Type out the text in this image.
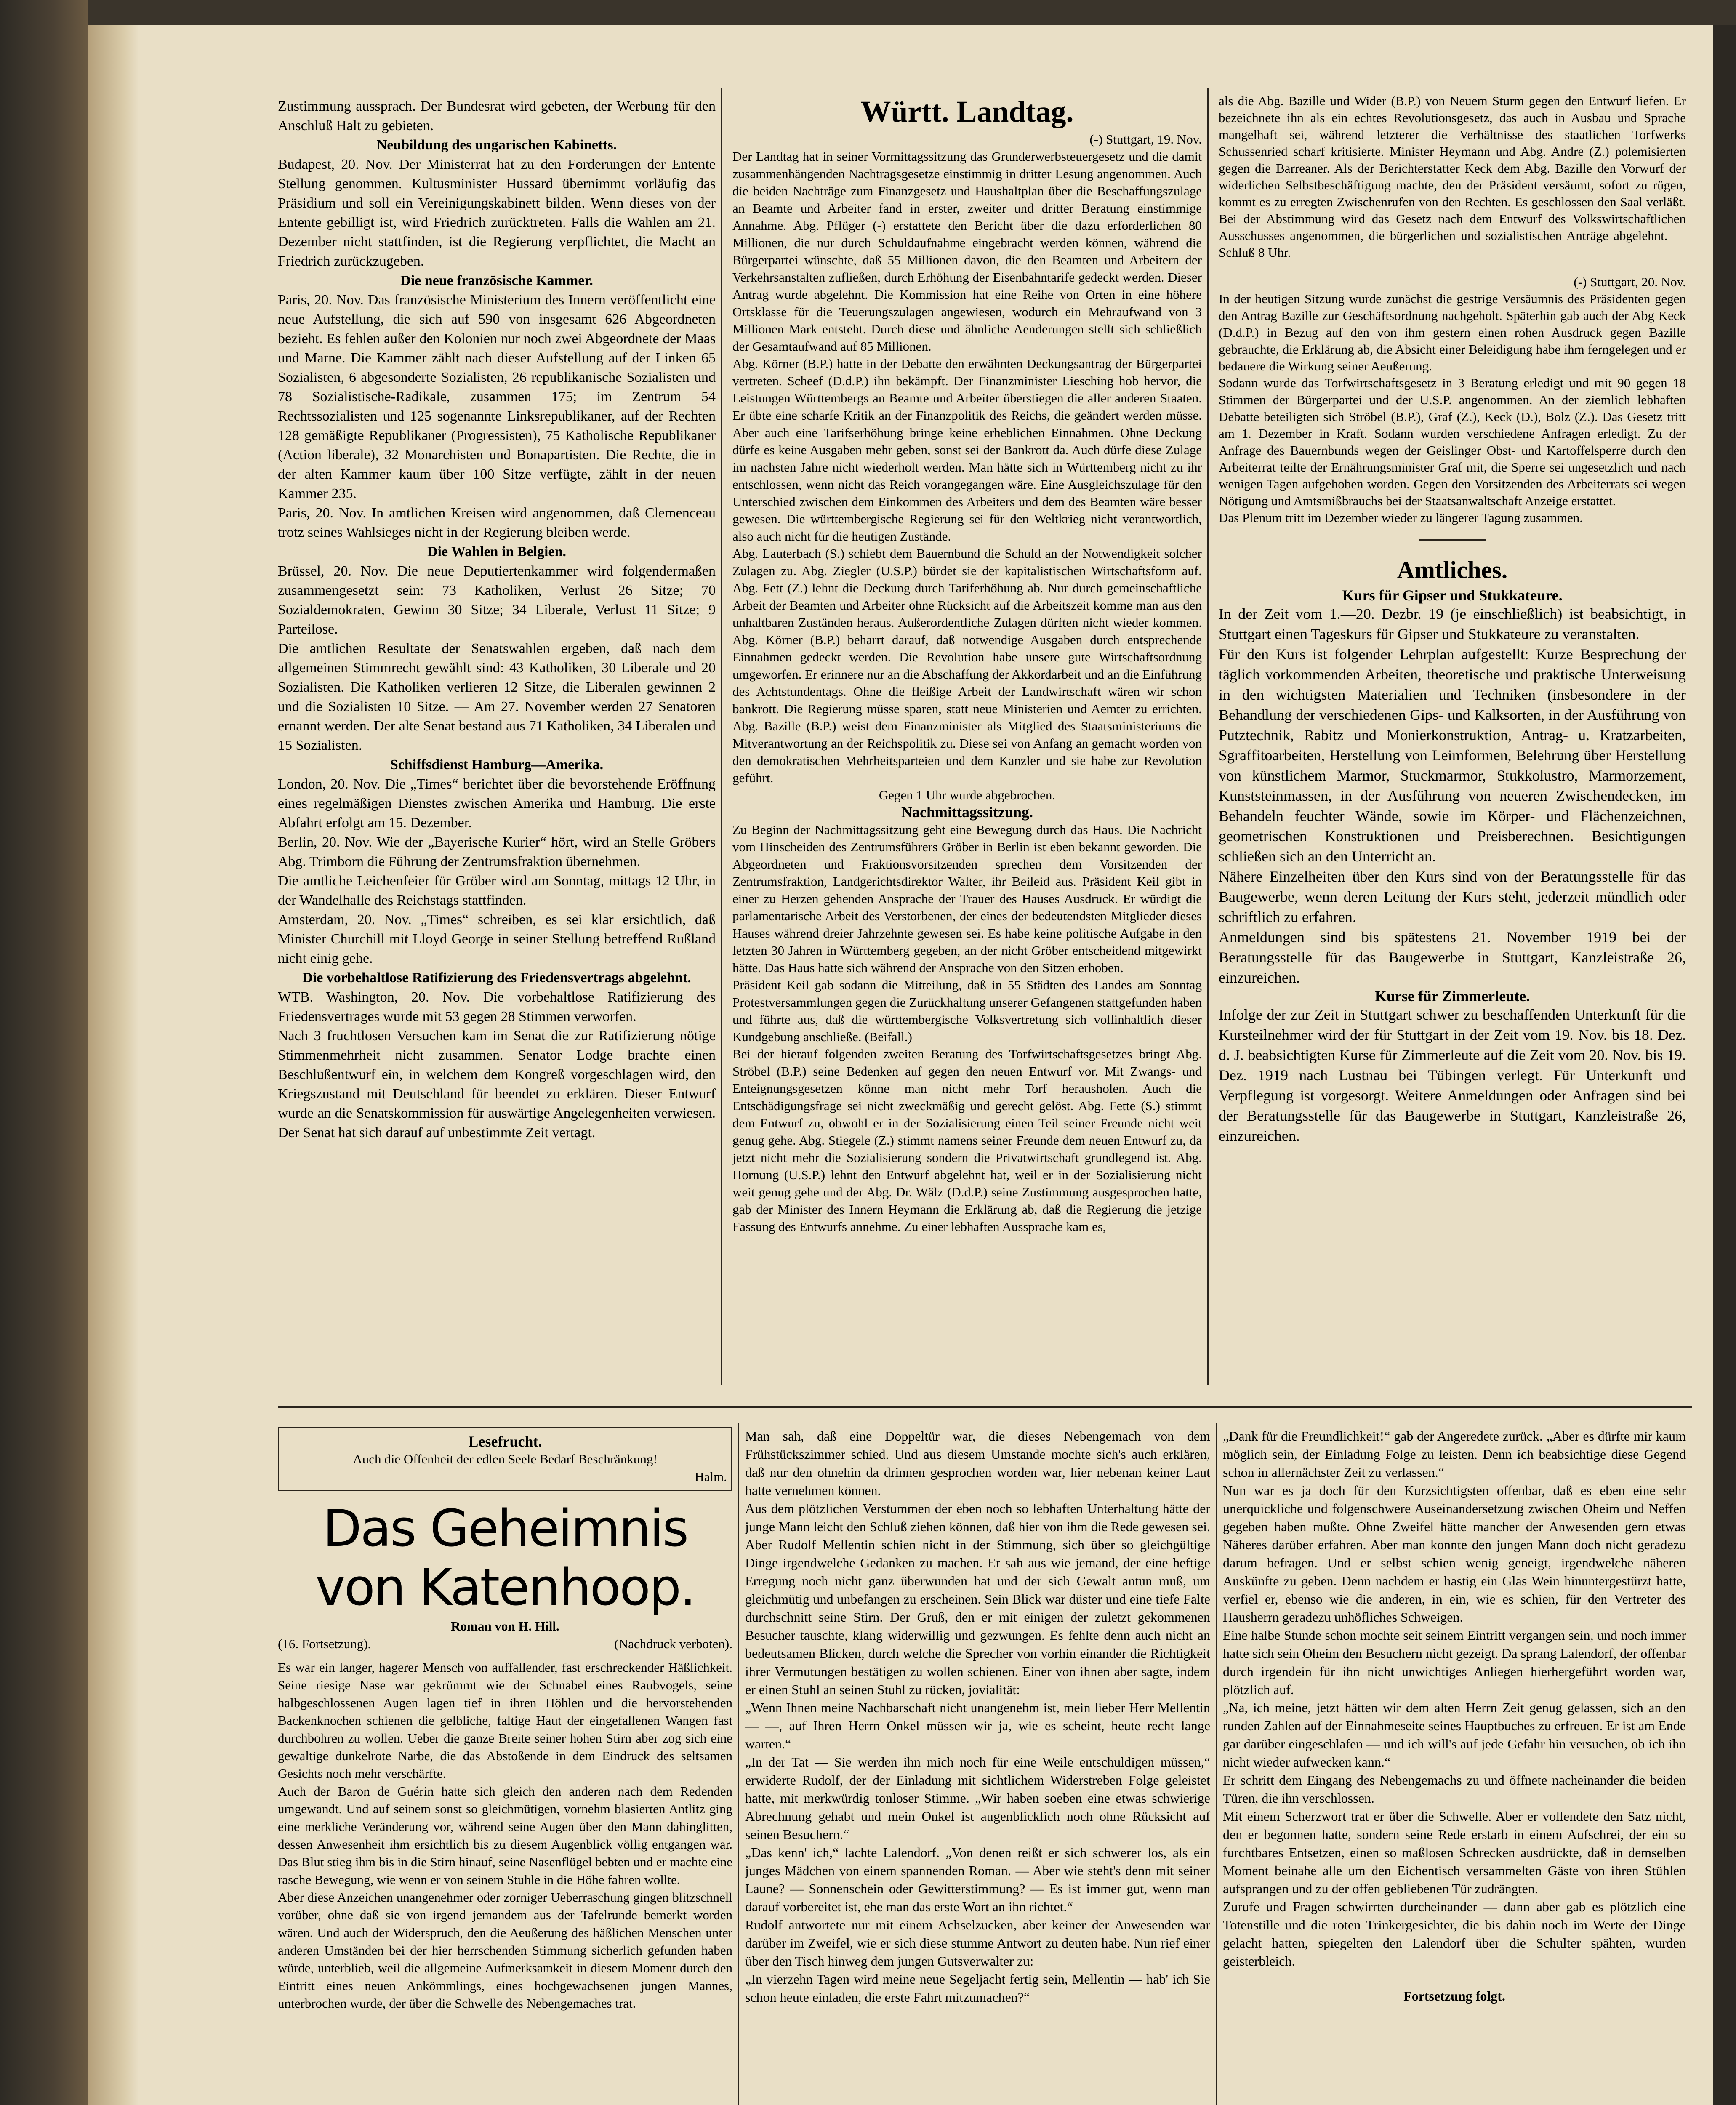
Zustimmung aussprach. Der Bundesrat wird gebeten, der Werbung für den Anschluß Halt zu gebieten.

Neubildung des ungarischen Kabinetts.

Budapest, 20. Nov. Der Ministerrat hat zu den Forderungen der Entente Stellung genommen. Kultusminister Hussard übernimmt vorläufig das Präsidium und soll ein Vereinigungskabinett bilden. Wenn dieses von der Entente gebilligt ist, wird Friedrich zurücktreten. Falls die Wahlen am 21. Dezember nicht stattfinden, ist die Regierung verpflichtet, die Macht an Friedrich zurückzugeben.

Die neue französische Kammer.

Paris, 20. Nov. Das französische Ministerium des Innern veröffentlicht eine neue Aufstellung, die sich auf 590 von insgesamt 626 Abgeordneten bezieht. Es fehlen außer den Kolonien nur noch zwei Abgeordnete der Maas und Marne. Die Kammer zählt nach dieser Aufstellung auf der Linken 65 Sozialisten, 6 abgesonderte Sozialisten, 26 republikanische Sozialisten und 78 Sozialistische-Radikale, zusammen 175; im Zentrum 54 Rechtssozialisten und 125 sogenannte Linksrepublikaner, auf der Rechten 128 gemäßigte Republikaner (Progressisten), 75 Katholische Republikaner (Action liberale), 32 Monarchisten und Bonapartisten. Die Rechte, die in der alten Kammer kaum über 100 Sitze verfügte, zählt in der neuen Kammer 235.

Paris, 20. Nov. In amtlichen Kreisen wird angenommen, daß Clemenceau trotz seines Wahlsieges nicht in der Regierung bleiben werde.

Die Wahlen in Belgien.

Brüssel, 20. Nov. Die neue Deputiertenkammer wird folgendermaßen zusammengesetzt sein: 73 Katholiken, Verlust 26 Sitze; 70 Sozialdemokraten, Gewinn 30 Sitze; 34 Liberale, Verlust 11 Sitze; 9 Parteilose.

Die amtlichen Resultate der Senatswahlen ergeben, daß nach dem allgemeinen Stimmrecht gewählt sind: 43 Katholiken, 30 Liberale und 20 Sozialisten. Die Katholiken verlieren 12 Sitze, die Liberalen gewinnen 2 und die Sozialisten 10 Sitze. — Am 27. November werden 27 Senatoren ernannt werden. Der alte Senat bestand aus 71 Katholiken, 34 Liberalen und 15 Sozialisten.

Schiffsdienst Hamburg—Amerika.

London, 20. Nov. Die „Times“ berichtet über die bevorstehende Eröffnung eines regelmäßigen Dienstes zwischen Amerika und Hamburg. Die erste Abfahrt erfolgt am 15. Dezember.

Berlin, 20. Nov. Wie der „Bayerische Kurier“ hört, wird an Stelle Gröbers Abg. Trimborn die Führung der Zentrumsfraktion übernehmen.

Die amtliche Leichenfeier für Gröber wird am Sonntag, mittags 12 Uhr, in der Wandelhalle des Reichstags stattfinden.

Amsterdam, 20. Nov. „Times“ schreiben, es sei klar ersichtlich, daß Minister Churchill mit Lloyd George in seiner Stellung betreffend Rußland nicht einig gehe.

Die vorbehaltlose Ratifizierung des Friedensvertrags abgelehnt.

WTB. Washington, 20. Nov. Die vorbehaltlose Ratifizierung des Friedensvertrages wurde mit 53 gegen 28 Stimmen verworfen.

Nach 3 fruchtlosen Versuchen kam im Senat die zur Ratifizierung nötige Stimmenmehrheit nicht zusammen. Senator Lodge brachte einen Beschlußentwurf ein, in welchem dem Kongreß vorgeschlagen wird, den Kriegszustand mit Deutschland für beendet zu erklären. Dieser Entwurf wurde an die Senatskommission für auswärtige Angelegenheiten verwiesen. Der Senat hat sich darauf auf unbestimmte Zeit vertagt.

Württ. Landtag.

(-) Stuttgart, 19. Nov.

Der Landtag hat in seiner Vormittagssitzung das Grunderwerbsteuergesetz und die damit zusammenhängenden Nachtragsgesetze einstimmig in dritter Lesung angenommen. Auch die beiden Nachträge zum Finanzgesetz und Haushaltplan über die Beschaffungszulage an Beamte und Arbeiter fand in erster, zweiter und dritter Beratung einstimmige Annahme. Abg. Pflüger (-) erstattete den Bericht über die dazu erforderlichen 80 Millionen, die nur durch Schuldaufnahme eingebracht werden können, während die Bürgerpartei wünschte, daß 55 Millionen davon, die den Beamten und Arbeitern der Verkehrsanstalten zufließen, durch Erhöhung der Eisenbahntarife gedeckt werden. Dieser Antrag wurde abgelehnt. Die Kommission hat eine Reihe von Orten in eine höhere Ortsklasse für die Teuerungszulagen angewiesen, wodurch ein Mehraufwand von 3 Millionen Mark entsteht. Durch diese und ähnliche Aenderungen stellt sich schließlich der Gesamtaufwand auf 85 Millionen.

Abg. Körner (B.P.) hatte in der Debatte den erwähnten Deckungsantrag der Bürgerpartei vertreten. Scheef (D.d.P.) ihn bekämpft. Der Finanzminister Liesching hob hervor, die Leistungen Württembergs an Beamte und Arbeiter überstiegen die aller anderen Staaten. Er übte eine scharfe Kritik an der Finanzpolitik des Reichs, die geändert werden müsse. Aber auch eine Tarifserhöhung bringe keine erheblichen Einnahmen. Ohne Deckung dürfe es keine Ausgaben mehr geben, sonst sei der Bankrott da. Auch dürfe diese Zulage im nächsten Jahre nicht wiederholt werden. Man hätte sich in Württemberg nicht zu ihr entschlossen, wenn nicht das Reich vorangegangen wäre. Eine Ausgleichszulage für den Unterschied zwischen dem Einkommen des Arbeiters und dem des Beamten wäre besser gewesen. Die württembergische Regierung sei für den Weltkrieg nicht verantwortlich, also auch nicht für die heutigen Zustände.

Abg. Lauterbach (S.) schiebt dem Bauernbund die Schuld an der Notwendigkeit solcher Zulagen zu. Abg. Ziegler (U.S.P.) bürdet sie der kapitalistischen Wirtschaftsform auf. Abg. Fett (Z.) lehnt die Deckung durch Tariferhöhung ab. Nur durch gemeinschaftliche Arbeit der Beamten und Arbeiter ohne Rücksicht auf die Arbeitszeit komme man aus den unhaltbaren Zuständen heraus. Außerordentliche Zulagen dürften nicht wieder kommen. Abg. Körner (B.P.) beharrt darauf, daß notwendige Ausgaben durch entsprechende Einnahmen gedeckt werden. Die Revolution habe unsere gute Wirtschaftsordnung umgeworfen. Er erinnere nur an die Abschaffung der Akkordarbeit und an die Einführung des Achtstundentags. Ohne die fleißige Arbeit der Landwirtschaft wären wir schon bankrott. Die Regierung müsse sparen, statt neue Ministerien und Aemter zu errichten. Abg. Bazille (B.P.) weist dem Finanzminister als Mitglied des Staatsministeriums die Mitverantwortung an der Reichspolitik zu. Diese sei von Anfang an gemacht worden von den demokratischen Mehrheitsparteien und dem Kanzler und sie habe zur Revolution geführt.

Gegen 1 Uhr wurde abgebrochen.

Nachmittagssitzung.

Zu Beginn der Nachmittagssitzung geht eine Bewegung durch das Haus. Die Nachricht vom Hinscheiden des Zentrumsführers Gröber in Berlin ist eben bekannt geworden. Die Abgeordneten und Fraktionsvorsitzenden sprechen dem Vorsitzenden der Zentrumsfraktion, Landgerichtsdirektor Walter, ihr Beileid aus. Präsident Keil gibt in einer zu Herzen gehenden Ansprache der Trauer des Hauses Ausdruck. Er würdigt die parlamentarische Arbeit des Verstorbenen, der eines der bedeutendsten Mitglieder dieses Hauses während dreier Jahrzehnte gewesen sei. Es habe keine politische Aufgabe in den letzten 30 Jahren in Württemberg gegeben, an der nicht Gröber entscheidend mitgewirkt hätte. Das Haus hatte sich während der Ansprache von den Sitzen erhoben.

Präsident Keil gab sodann die Mitteilung, daß in 55 Städten des Landes am Sonntag Protestversammlungen gegen die Zurückhaltung unserer Gefangenen stattgefunden haben und führte aus, daß die württembergische Volksvertretung sich vollinhaltlich dieser Kundgebung anschließe. (Beifall.)

Bei der hierauf folgenden zweiten Beratung des Torfwirtschaftsgesetzes bringt Abg. Ströbel (B.P.) seine Bedenken auf gegen den neuen Entwurf vor. Mit Zwangs- und Enteignungsgesetzen könne man nicht mehr Torf herausholen. Auch die Entschädigungsfrage sei nicht zweckmäßig und gerecht gelöst. Abg. Fette (S.) stimmt dem Entwurf zu, obwohl er in der Sozialisierung einen Teil seiner Freunde nicht weit genug gehe. Abg. Stiegele (Z.) stimmt namens seiner Freunde dem neuen Entwurf zu, da jetzt nicht mehr die Sozialisierung sondern die Privatwirtschaft grundlegend ist. Abg. Hornung (U.S.P.) lehnt den Entwurf abgelehnt hat, weil er in der Sozialisierung nicht weit genug gehe und der Abg. Dr. Wälz (D.d.P.) seine Zustimmung ausgesprochen hatte, gab der Minister des Innern Heymann die Erklärung ab, daß die Regierung die jetzige Fassung des Entwurfs annehme. Zu einer lebhaften Aussprache kam es,

als die Abg. Bazille und Wider (B.P.) von Neuem Sturm gegen den Entwurf liefen. Er bezeichnete ihn als ein echtes Revolutionsgesetz, das auch in Ausbau und Sprache mangelhaft sei, während letzterer die Verhältnisse des staatlichen Torfwerks Schussenried scharf kritisierte. Minister Heymann und Abg. Andre (Z.) polemisierten gegen die Barreaner. Als der Berichterstatter Keck dem Abg. Bazille den Vorwurf der widerlichen Selbstbeschäftigung machte, den der Präsident versäumt, sofort zu rügen, kommt es zu erregten Zwischenrufen von den Rechten. Es geschlossen den Saal verläßt. Bei der Abstimmung wird das Gesetz nach dem Entwurf des Volkswirtschaftlichen Ausschusses angenommen, die bürgerlichen und sozialistischen Anträge abgelehnt. — Schluß 8 Uhr.

(-) Stuttgart, 20. Nov.

In der heutigen Sitzung wurde zunächst die gestrige Versäumnis des Präsidenten gegen den Antrag Bazille zur Geschäftsordnung nachgeholt. Späterhin gab auch der Abg Keck (D.d.P.) in Bezug auf den von ihm gestern einen rohen Ausdruck gegen Bazille gebrauchte, die Erklärung ab, die Absicht einer Beleidigung habe ihm ferngelegen und er bedauere die Wirkung seiner Aeußerung.

Sodann wurde das Torfwirtschaftsgesetz in 3 Beratung erledigt und mit 90 gegen 18 Stimmen der Bürgerpartei und der U.S.P. angenommen. An der ziemlich lebhaften Debatte beteiligten sich Ströbel (B.P.), Graf (Z.), Keck (D.), Bolz (Z.). Das Gesetz tritt am 1. Dezember in Kraft. Sodann wurden verschiedene Anfragen erledigt. Zu der Anfrage des Bauernbunds wegen der Geislinger Obst- und Kartoffelsperre durch den Arbeiterrat teilte der Ernährungsminister Graf mit, die Sperre sei ungesetzlich und nach wenigen Tagen aufgehoben worden. Gegen den Vorsitzenden des Arbeiterrats sei wegen Nötigung und Amtsmißbrauchs bei der Staatsanwaltschaft Anzeige erstattet.

Das Plenum tritt im Dezember wieder zu längerer Tagung zusammen.

Amtliches.

Kurs für Gipser und Stukkateure.

In der Zeit vom 1.—20. Dezbr. 19 (je einschließlich) ist beabsichtigt, in Stuttgart einen Tageskurs für Gipser und Stukkateure zu veranstalten.

Für den Kurs ist folgender Lehrplan aufgestellt: Kurze Besprechung der täglich vorkommenden Arbeiten, theoretische und praktische Unterweisung in den wichtigsten Materialien und Techniken (insbesondere in der Behandlung der verschiedenen Gips- und Kalksorten, in der Ausführung von Putztechnik, Rabitz und Monierkonstruktion, Antrag- u. Kratzarbeiten, Sgraffitoarbeiten, Herstellung von Leimformen, Belehrung über Herstellung von künstlichem Marmor, Stuckmarmor, Stukkolustro, Marmorzement, Kunststeinmassen, in der Ausführung von neueren Zwischendecken, im Behandeln feuchter Wände, sowie im Körper- und Flächenzeichnen, geometrischen Konstruktionen und Preisberechnen. Besichtigungen schließen sich an den Unterricht an.

Nähere Einzelheiten über den Kurs sind von der Beratungsstelle für das Baugewerbe, wenn deren Leitung der Kurs steht, jederzeit mündlich oder schriftlich zu erfahren.

Anmeldungen sind bis spätestens 21. November 1919 bei der Beratungsstelle für das Baugewerbe in Stuttgart, Kanzleistraße 26, einzureichen.

Kurse für Zimmerleute.

Infolge der zur Zeit in Stuttgart schwer zu beschaffenden Unterkunft für die Kursteilnehmer wird der für Stuttgart in der Zeit vom 19. Nov. bis 18. Dez. d. J. beabsichtigten Kurse für Zimmerleute auf die Zeit vom 20. Nov. bis 19. Dez. 1919 nach Lustnau bei Tübingen verlegt. Für Unterkunft und Verpflegung ist vorgesorgt. Weitere Anmeldungen oder Anfragen sind bei der Beratungsstelle für das Baugewerbe in Stuttgart, Kanzleistraße 26, einzureichen.

Lesefrucht.

Auch die Offenheit der edlen Seele Bedarf Beschränkung!

Halm.

Das Geheimnis von Katenhoop.

Roman von H. Hill.

(16. Fortsetzung).	(Nachdruck verboten).

Es war ein langer, hagerer Mensch von auffallender, fast erschreckender Häßlichkeit. Seine riesige Nase war gekrümmt wie der Schnabel eines Raubvogels, seine halbgeschlossenen Augen lagen tief in ihren Höhlen und die hervorstehenden Backenknochen schienen die gelbliche, faltige Haut der eingefallenen Wangen fast durchbohren zu wollen. Ueber die ganze Breite seiner hohen Stirn aber zog sich eine gewaltige dunkelrote Narbe, die das Abstoßende in dem Eindruck des seltsamen Gesichts noch mehr verschärfte.

Auch der Baron de Guérin hatte sich gleich den anderen nach dem Redenden umgewandt. Und auf seinem sonst so gleichmütigen, vornehm blasierten Antlitz ging eine merkliche Veränderung vor, während seine Augen über den Mann dahinglitten, dessen Anwesenheit ihm ersichtlich bis zu diesem Augenblick völlig entgangen war. Das Blut stieg ihm bis in die Stirn hinauf, seine Nasenflügel bebten und er machte eine rasche Bewegung, wie wenn er von seinem Stuhle in die Höhe fahren wollte.

Aber diese Anzeichen unangenehmer oder zorniger Ueberraschung gingen blitzschnell vorüber, ohne daß sie von irgend jemandem aus der Tafelrunde bemerkt worden wären. Und auch der Widerspruch, den die Aeußerung des häßlichen Menschen unter anderen Umständen bei der hier herrschenden Stimmung sicherlich gefunden haben würde, unterblieb, weil die allgemeine Aufmerksamkeit in diesem Moment durch den Eintritt eines neuen Ankömmlings, eines hochgewachsenen jungen Mannes, unterbrochen wurde, der über die Schwelle des Nebengemaches trat.

Man sah, daß eine Doppeltür war, die dieses Nebengemach von dem Frühstückszimmer schied. Und aus diesem Umstande mochte sich's auch erklären, daß nur den ohnehin da drinnen gesprochen worden war, hier nebenan keiner Laut hatte vernehmen können.

Aus dem plötzlichen Verstummen der eben noch so lebhaften Unterhaltung hätte der junge Mann leicht den Schluß ziehen können, daß hier von ihm die Rede gewesen sei. Aber Rudolf Mellentin schien nicht in der Stimmung, sich über so gleichgültige Dinge irgendwelche Gedanken zu machen. Er sah aus wie jemand, der eine heftige Erregung noch nicht ganz überwunden hat und der sich Gewalt antun muß, um gleichmütig und unbefangen zu erscheinen. Sein Blick war düster und eine tiefe Falte durchschnitt seine Stirn. Der Gruß, den er mit einigen der zuletzt gekommenen Besucher tauschte, klang widerwillig und gezwungen. Es fehlte denn auch nicht an bedeutsamen Blicken, durch welche die Sprecher von vorhin einander die Richtigkeit ihrer Vermutungen bestätigen zu wollen schienen. Einer von ihnen aber sagte, indem er einen Stuhl an seinen Stuhl zu rücken, jovialität:

„Wenn Ihnen meine Nachbarschaft nicht unangenehm ist, mein lieber Herr Mellentin — —, auf Ihren Herrn Onkel müssen wir ja, wie es scheint, heute recht lange warten.“

„In der Tat — Sie werden ihn mich noch für eine Weile entschuldigen müssen,“ erwiderte Rudolf, der der Einladung mit sichtlichem Widerstreben Folge geleistet hatte, mit merkwürdig tonloser Stimme. „Wir haben soeben eine etwas schwierige Abrechnung gehabt und mein Onkel ist augenblicklich noch ohne Rücksicht auf seinen Besuchern.“

„Das kenn' ich,“ lachte Lalendorf. „Von denen reißt er sich schwerer los, als ein junges Mädchen von einem spannenden Roman. — Aber wie steht's denn mit seiner Laune? — Sonnenschein oder Gewitterstimmung? — Es ist immer gut, wenn man darauf vorbereitet ist, ehe man das erste Wort an ihn richtet.“

Rudolf antwortete nur mit einem Achselzucken, aber keiner der Anwesenden war darüber im Zweifel, wie er sich diese stumme Antwort zu deuten habe. Nun rief einer über den Tisch hinweg dem jungen Gutsverwalter zu:

„In vierzehn Tagen wird meine neue Segeljacht fertig sein, Mellentin — hab' ich Sie schon heute einladen, die erste Fahrt mitzumachen?“

„Dank für die Freundlichkeit!“ gab der Angeredete zurück. „Aber es dürfte mir kaum möglich sein, der Einladung Folge zu leisten. Denn ich beabsichtige diese Gegend schon in allernächster Zeit zu verlassen.“

Nun war es ja doch für den Kurzsichtigsten offenbar, daß es eben eine sehr unerquickliche und folgenschwere Auseinandersetzung zwischen Oheim und Neffen gegeben haben mußte. Ohne Zweifel hätte mancher der Anwesenden gern etwas Näheres darüber erfahren. Aber man konnte den jungen Mann doch nicht geradezu darum befragen. Und er selbst schien wenig geneigt, irgendwelche näheren Auskünfte zu geben. Denn nachdem er hastig ein Glas Wein hinuntergestürzt hatte, verfiel er, ebenso wie die anderen, in ein, wie es schien, für den Vertreter des Hausherrn geradezu unhöfliches Schweigen.

Eine halbe Stunde schon mochte seit seinem Eintritt vergangen sein, und noch immer hatte sich sein Oheim den Besuchern nicht gezeigt. Da sprang Lalendorf, der offenbar durch irgendein für ihn nicht unwichtiges Anliegen hierhergeführt worden war, plötzlich auf.

„Na, ich meine, jetzt hätten wir dem alten Herrn Zeit genug gelassen, sich an den runden Zahlen auf der Einnahmeseite seines Hauptbuches zu erfreuen. Er ist am Ende gar darüber eingeschlafen — und ich will's auf jede Gefahr hin versuchen, ob ich ihn nicht wieder aufwecken kann.“

Er schritt dem Eingang des Nebengemachs zu und öffnete nacheinander die beiden Türen, die ihn verschlossen.

Mit einem Scherzwort trat er über die Schwelle. Aber er vollendete den Satz nicht, den er begonnen hatte, sondern seine Rede erstarb in einem Aufschrei, der ein so furchtbares Entsetzen, einen so maßlosen Schrecken ausdrückte, daß in demselben Moment beinahe alle um den Eichentisch versammelten Gäste von ihren Stühlen aufsprangen und zu der offen gebliebenen Tür zudrängten.

Zurufe und Fragen schwirrten durcheinander — dann aber gab es plötzlich eine Totenstille und die roten Trinkergesichter, die bis dahin noch im Werte der Dinge gelacht hatten, spiegelten den Lalendorf über die Schulter spähten, wurden geisterbleich.

Fortsetzung folgt.
